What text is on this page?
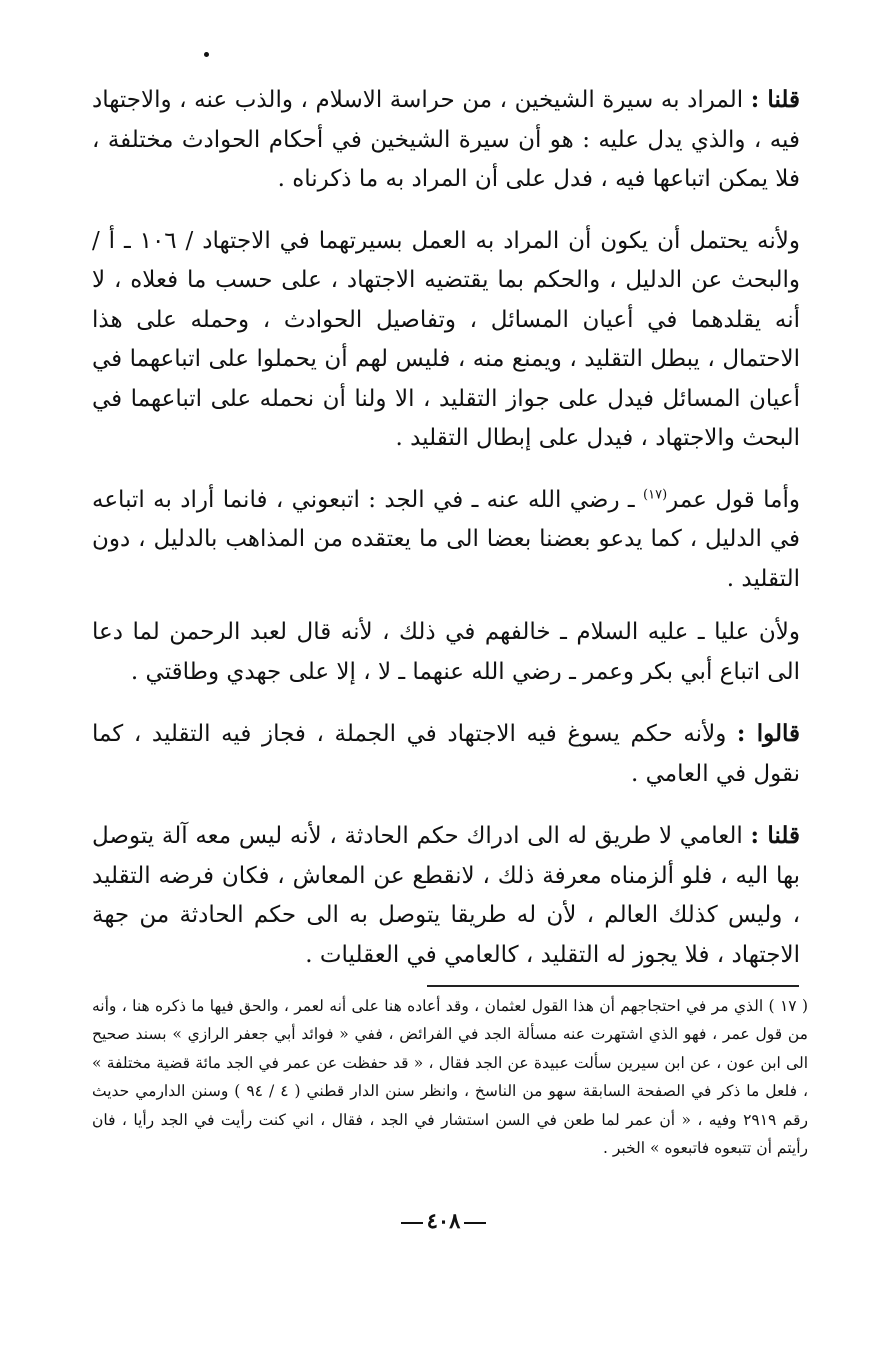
قلنا : المراد به سيرة الشيخين ، من حراسة الاسلام ، والذب عنه ، والاجتهاد فيه ، والذي يدل عليه : هو أن سيرة الشيخين في أحكام الحوادث مختلفة ، فلا يمكن اتباعها فيه ، فدل على أن المراد به ما ذكرناه .

ولأنه يحتمل أن يكون أن المراد به العمل بسيرتهما في الاجتهاد / ١٠٦ ـ أ / والبحث عن الدليل ، والحكم بما يقتضيه الاجتهاد ، على حسب ما فعلاه ، لا أنه يقلدهما في أعيان المسائل ، وتفاصيل الحوادث ، وحمله على هذا الاحتمال ، يبطل التقليد ، ويمنع منه ، فليس لهم أن يحملوا على اتباعهما في أعيان المسائل فيدل على جواز التقليد ، الا ولنا أن نحمله على اتباعهما في البحث والاجتهاد ، فيدل على إبطال التقليد .

وأما قول عمر$^{(١٧)}$ ـ رضي الله عنه ـ في الجد : اتبعوني ، فانما أراد به اتباعه في الدليل ، كما يدعو بعضنا بعضا الى ما يعتقده من المذاهب بالدليل ، دون التقليد .

ولأن عليا ـ عليه السلام ـ خالفهم في ذلك ، لأنه قال لعبد الرحمن لما دعا الى اتباع أبي بكر وعمر ـ رضي الله عنهما ـ لا ، إلا على جهدي وطاقتي .

قالوا : ولأنه حكم يسوغ فيه الاجتهاد في الجملة ، فجاز فيه التقليد ، كما نقول في العامي .

قلنا : العامي لا طريق له الى ادراك حكم الحادثة ، لأنه ليس معه آلة يتوصل بها اليه ، فلو ألزمناه معرفة ذلك ، لانقطع عن المعاش ، فكان فرضه التقليد ، وليس كذلك العالم ، لأن له طريقا يتوصل به الى حكم الحادثة من جهة الاجتهاد ، فلا يجوز له التقليد ، كالعامي في العقليات .

( ١٧ ) الذي مر في احتجاجهم أن هذا القول لعثمان ، وقد أعاده هنا على أنه لعمر ، والحق فيها ما ذكره هنا ، وأنه من قول عمر ، فهو الذي اشتهرت عنه مسألة الجد في الفرائض ، ففي « فوائد أبي جعفر الرازي » بسند صحيح الى ابن عون ، عن ابن سيرين سألت عبيدة عن الجد فقال ، « قد حفظت عن عمر في الجد مائة قضية مختلفة » ، فلعل ما ذكر في الصفحة السابقة سهو من الناسخ ، وانظر سنن الدار قطني ( ٤ / ٩٤ ) وسنن الدارمي حديث رقم ٢٩١٩ وفيه ، « أن عمر لما طعن في السن استشار في الجد ، فقال ، اني كنت رأيت في الجد رأيا ، فان رأيتم أن تتبعوه فاتبعوه » الخبر .

٤٠٨
